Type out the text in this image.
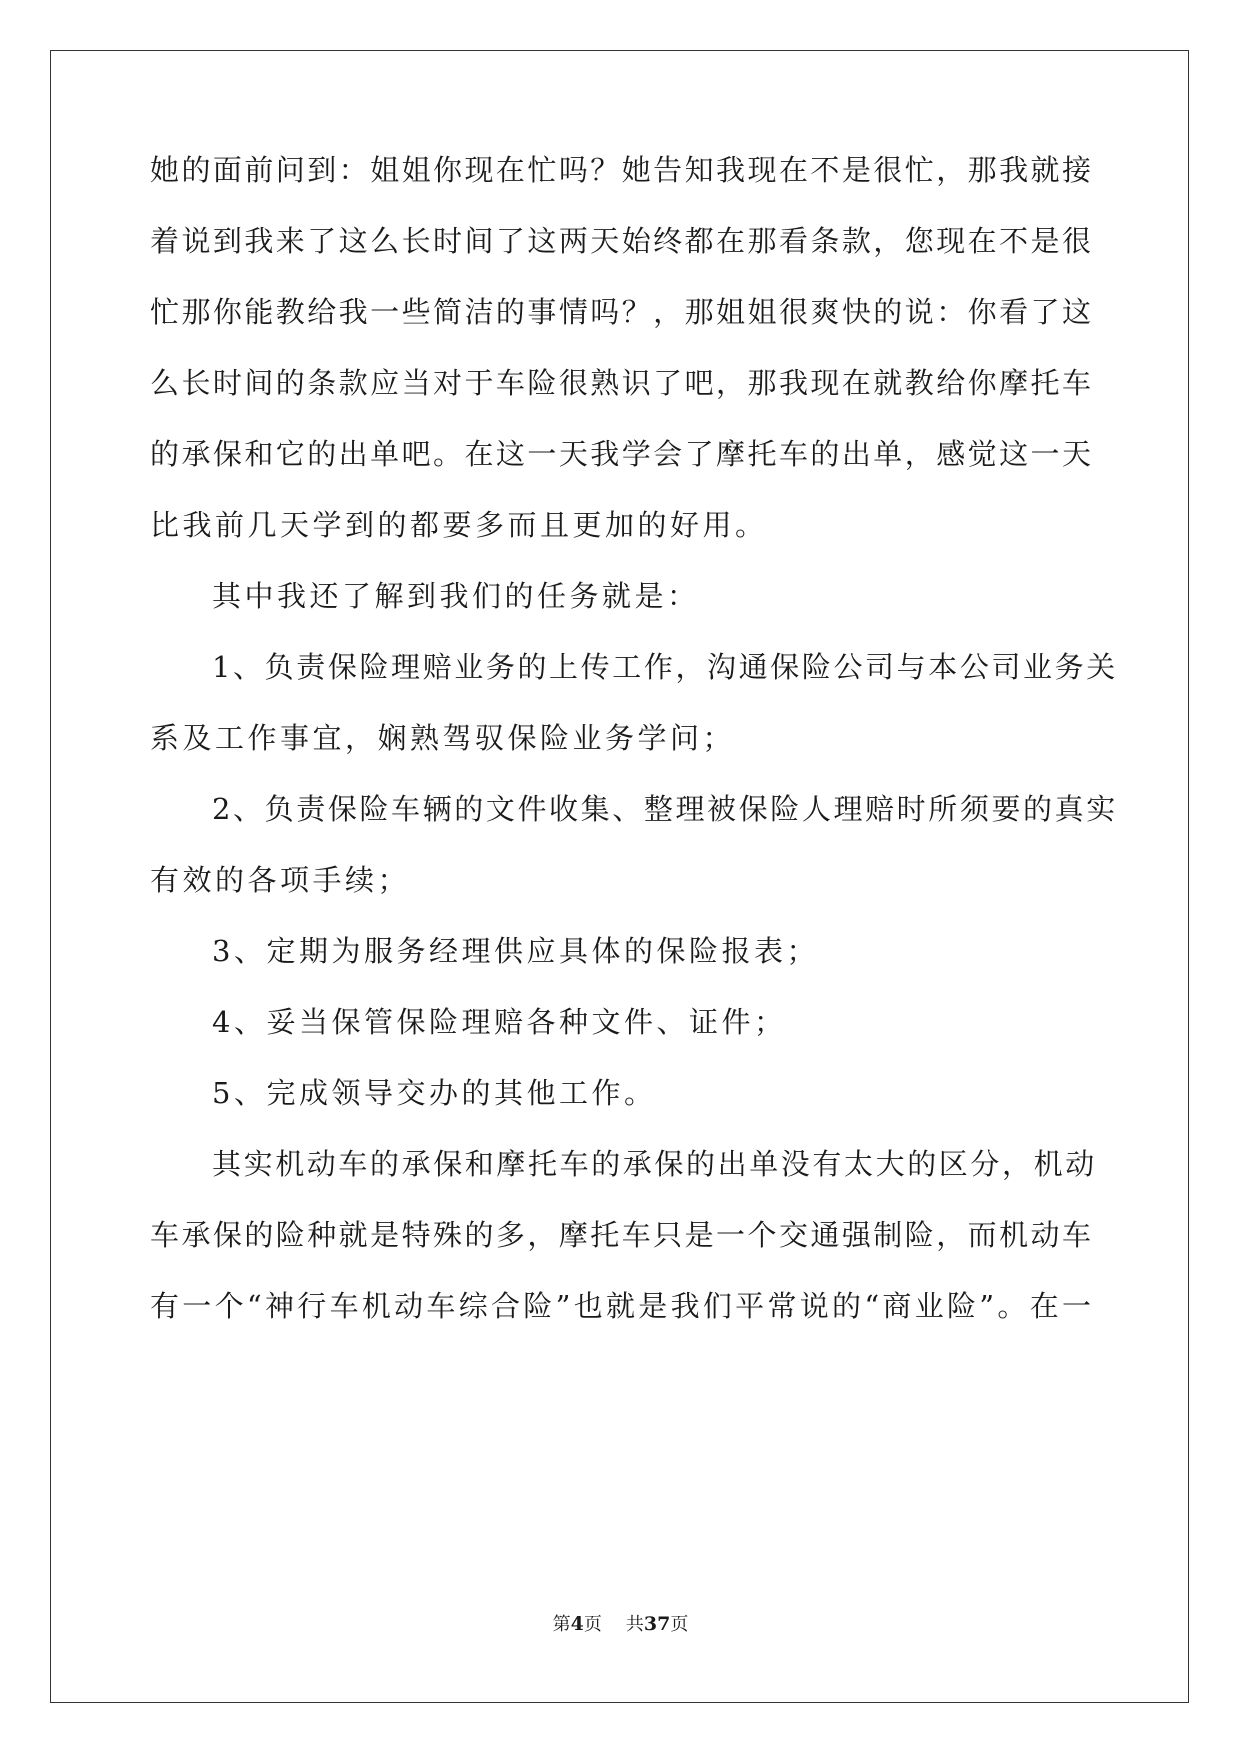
她的面前问到：姐姐你现在忙吗？她告知我现在不是很忙，那我就接
着说到我来了这么长时间了这两天始终都在那看条款，您现在不是很
忙那你能教给我一些简洁的事情吗？，那姐姐很爽快的说：你看了这
么长时间的条款应当对于车险很熟识了吧，那我现在就教给你摩托车
的承保和它的出单吧。在这一天我学会了摩托车的出单，感觉这一天
比我前几天学到的都要多而且更加的好用。
其中我还了解到我们的任务就是：
1、负责保险理赔业务的上传工作，沟通保险公司与本公司业务关
系及工作事宜，娴熟驾驭保险业务学问；
2、负责保险车辆的文件收集、整理被保险人理赔时所须要的真实
有效的各项手续；
3、定期为服务经理供应具体的保险报表；
4、妥当保管保险理赔各种文件、证件；
5、完成领导交办的其他工作。
其实机动车的承保和摩托车的承保的出单没有太大的区分，机动
车承保的险种就是特殊的多，摩托车只是一个交通强制险，而机动车
有一个“神行车机动车综合险”也就是我们平常说的“商业险”。在一
第4页 共37页
